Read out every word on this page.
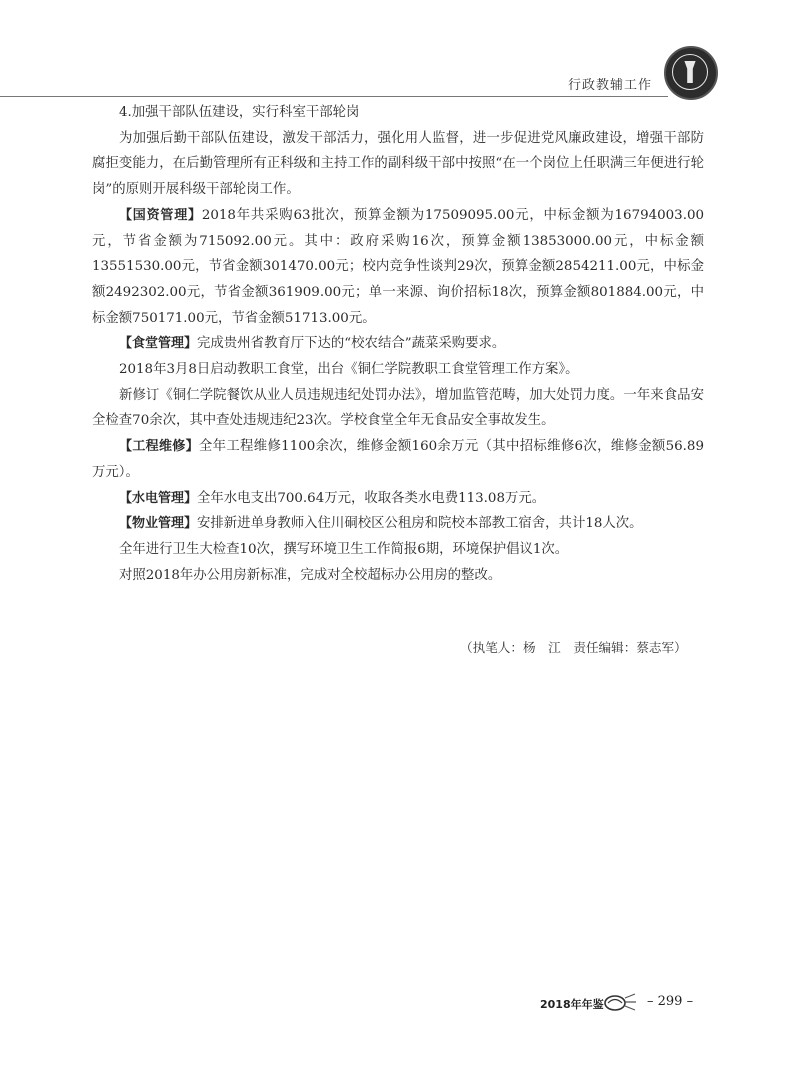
行政教辅工作

4.加强干部队伍建设，实行科室干部轮岗

为加强后勤干部队伍建设，激发干部活力，强化用人监督，进一步促进党风廉政建设，增强干部防腐拒变能力，在后勤管理所有正科级和主持工作的副科级干部中按照“在一个岗位上任职满三年便进行轮岗”的原则开展科级干部轮岗工作。

【国资管理】2018年共采购63批次，预算金额为17509095.00元，中标金额为16794003.00元，节省金额为715092.00元。其中：政府采购16次，预算金额13853000.00元，中标金额13551530.00元，节省金额301470.00元；校内竞争性谈判29次，预算金额2854211.00元，中标金额2492302.00元，节省金额361909.00元；单一来源、询价招标18次，预算金额801884.00元，中标金额750171.00元，节省金额51713.00元。

【食堂管理】完成贵州省教育厅下达的“校农结合”蔬菜采购要求。

2018年3月8日启动教职工食堂，出台《铜仁学院教职工食堂管理工作方案》。

新修订《铜仁学院餐饮从业人员违规违纪处罚办法》，增加监管范畴，加大处罚力度。一年来食品安全检查70余次，其中查处违规违纪23次。学校食堂全年无食品安全事故发生。

【工程维修】全年工程维修1100余次，维修金额160余万元（其中招标维修6次，维修金额56.89万元）。

【水电管理】全年水电支出700.64万元，收取各类水电费113.08万元。

【物业管理】安排新进单身教师入住川硐校区公租房和院校本部教工宿舍，共计18人次。

全年进行卫生大检查10次，撰写环境卫生工作简报6期，环境保护倡议1次。

对照2018年办公用房新标准，完成对全校超标办公用房的整改。

（执笔人：杨　江　责任编辑：蔡志军）
2018年年鉴	– 299 –
